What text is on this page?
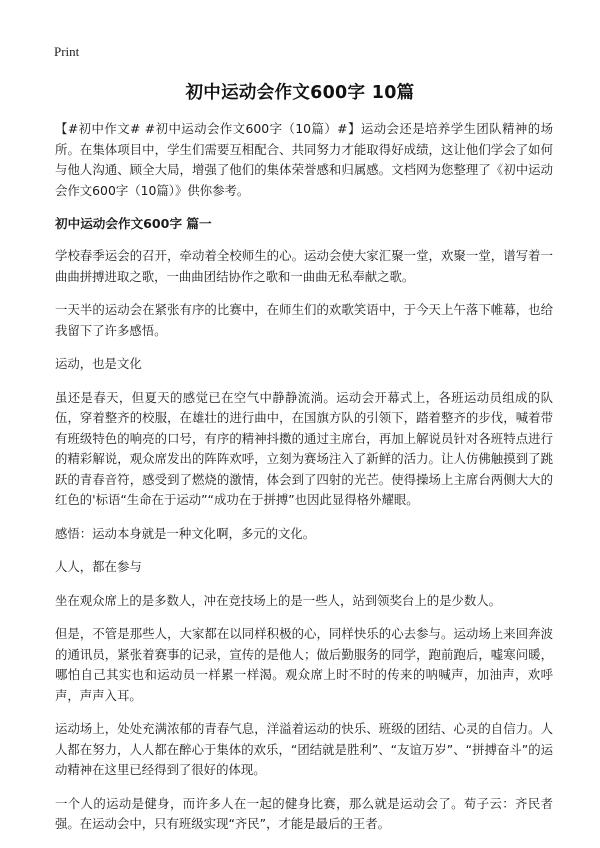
Print
初中运动会作文600字 10篇

【#初中作文# #初中运动会作文600字（10篇）#】运动会还是培养学生团队精神的场所。在集体项目中，学生们需要互相配合、共同努力才能取得好成绩，这让他们学会了如何与他人沟通、顾全大局，增强了他们的集体荣誉感和归属感。文档网为您整理了《初中运动会作文600字（10篇）》供你参考。

初中运动会作文600字 篇一

学校春季运会的召开，牵动着全校师生的心。运动会使大家汇聚一堂，欢聚一堂，谱写着一曲曲拼搏进取之歌，一曲曲团结协作之歌和一曲曲无私奉献之歌。

一天半的运动会在紧张有序的比赛中，在师生们的欢歌笑语中，于今天上午落下帷幕，也给我留下了许多感悟。

运动，也是文化

虽还是春天，但夏天的感觉已在空气中静静流淌。运动会开幕式上，各班运动员组成的队伍，穿着整齐的校服，在雄壮的进行曲中，在国旗方队的引领下，踏着整齐的步伐，喊着带有班级特色的响亮的口号，有序的精神抖擞的通过主席台，再加上解说员针对各班特点进行的精彩解说，观众席发出的阵阵欢呼，立刻为赛场注入了新鲜的活力。让人仿佛触摸到了跳跃的青春音符，感受到了燃烧的激情，体会到了四射的光芒。使得操场上主席台两侧大大的红色的'标语“生命在于运动”“成功在于拼搏”也因此显得格外耀眼。

感悟：运动本身就是一种文化啊，多元的文化。

人人，都在参与

坐在观众席上的是多数人，冲在竞技场上的是一些人，站到领奖台上的是少数人。

但是，不管是那些人，大家都在以同样积极的心，同样快乐的心去参与。运动场上来回奔波的通讯员，紧张着赛事的记录，宣传的是他人；做后勤服务的同学，跑前跑后，嘘寒问暖，哪怕自己其实也和运动员一样累一样渴。观众席上时不时的传来的呐喊声，加油声，欢呼声，声声入耳。

运动场上，处处充满浓郁的青春气息，洋溢着运动的快乐、班级的团结、心灵的自信力。人人都在努力，人人都在醉心于集体的欢乐，“团结就是胜利”、“友谊万岁”、“拼搏奋斗”的运动精神在这里已经得到了很好的体现。

一个人的运动是健身，而许多人在一起的健身比赛，那么就是运动会了。荀子云：齐民者强。在运动会中，只有班级实现“齐民”，才能是最后的王者。
